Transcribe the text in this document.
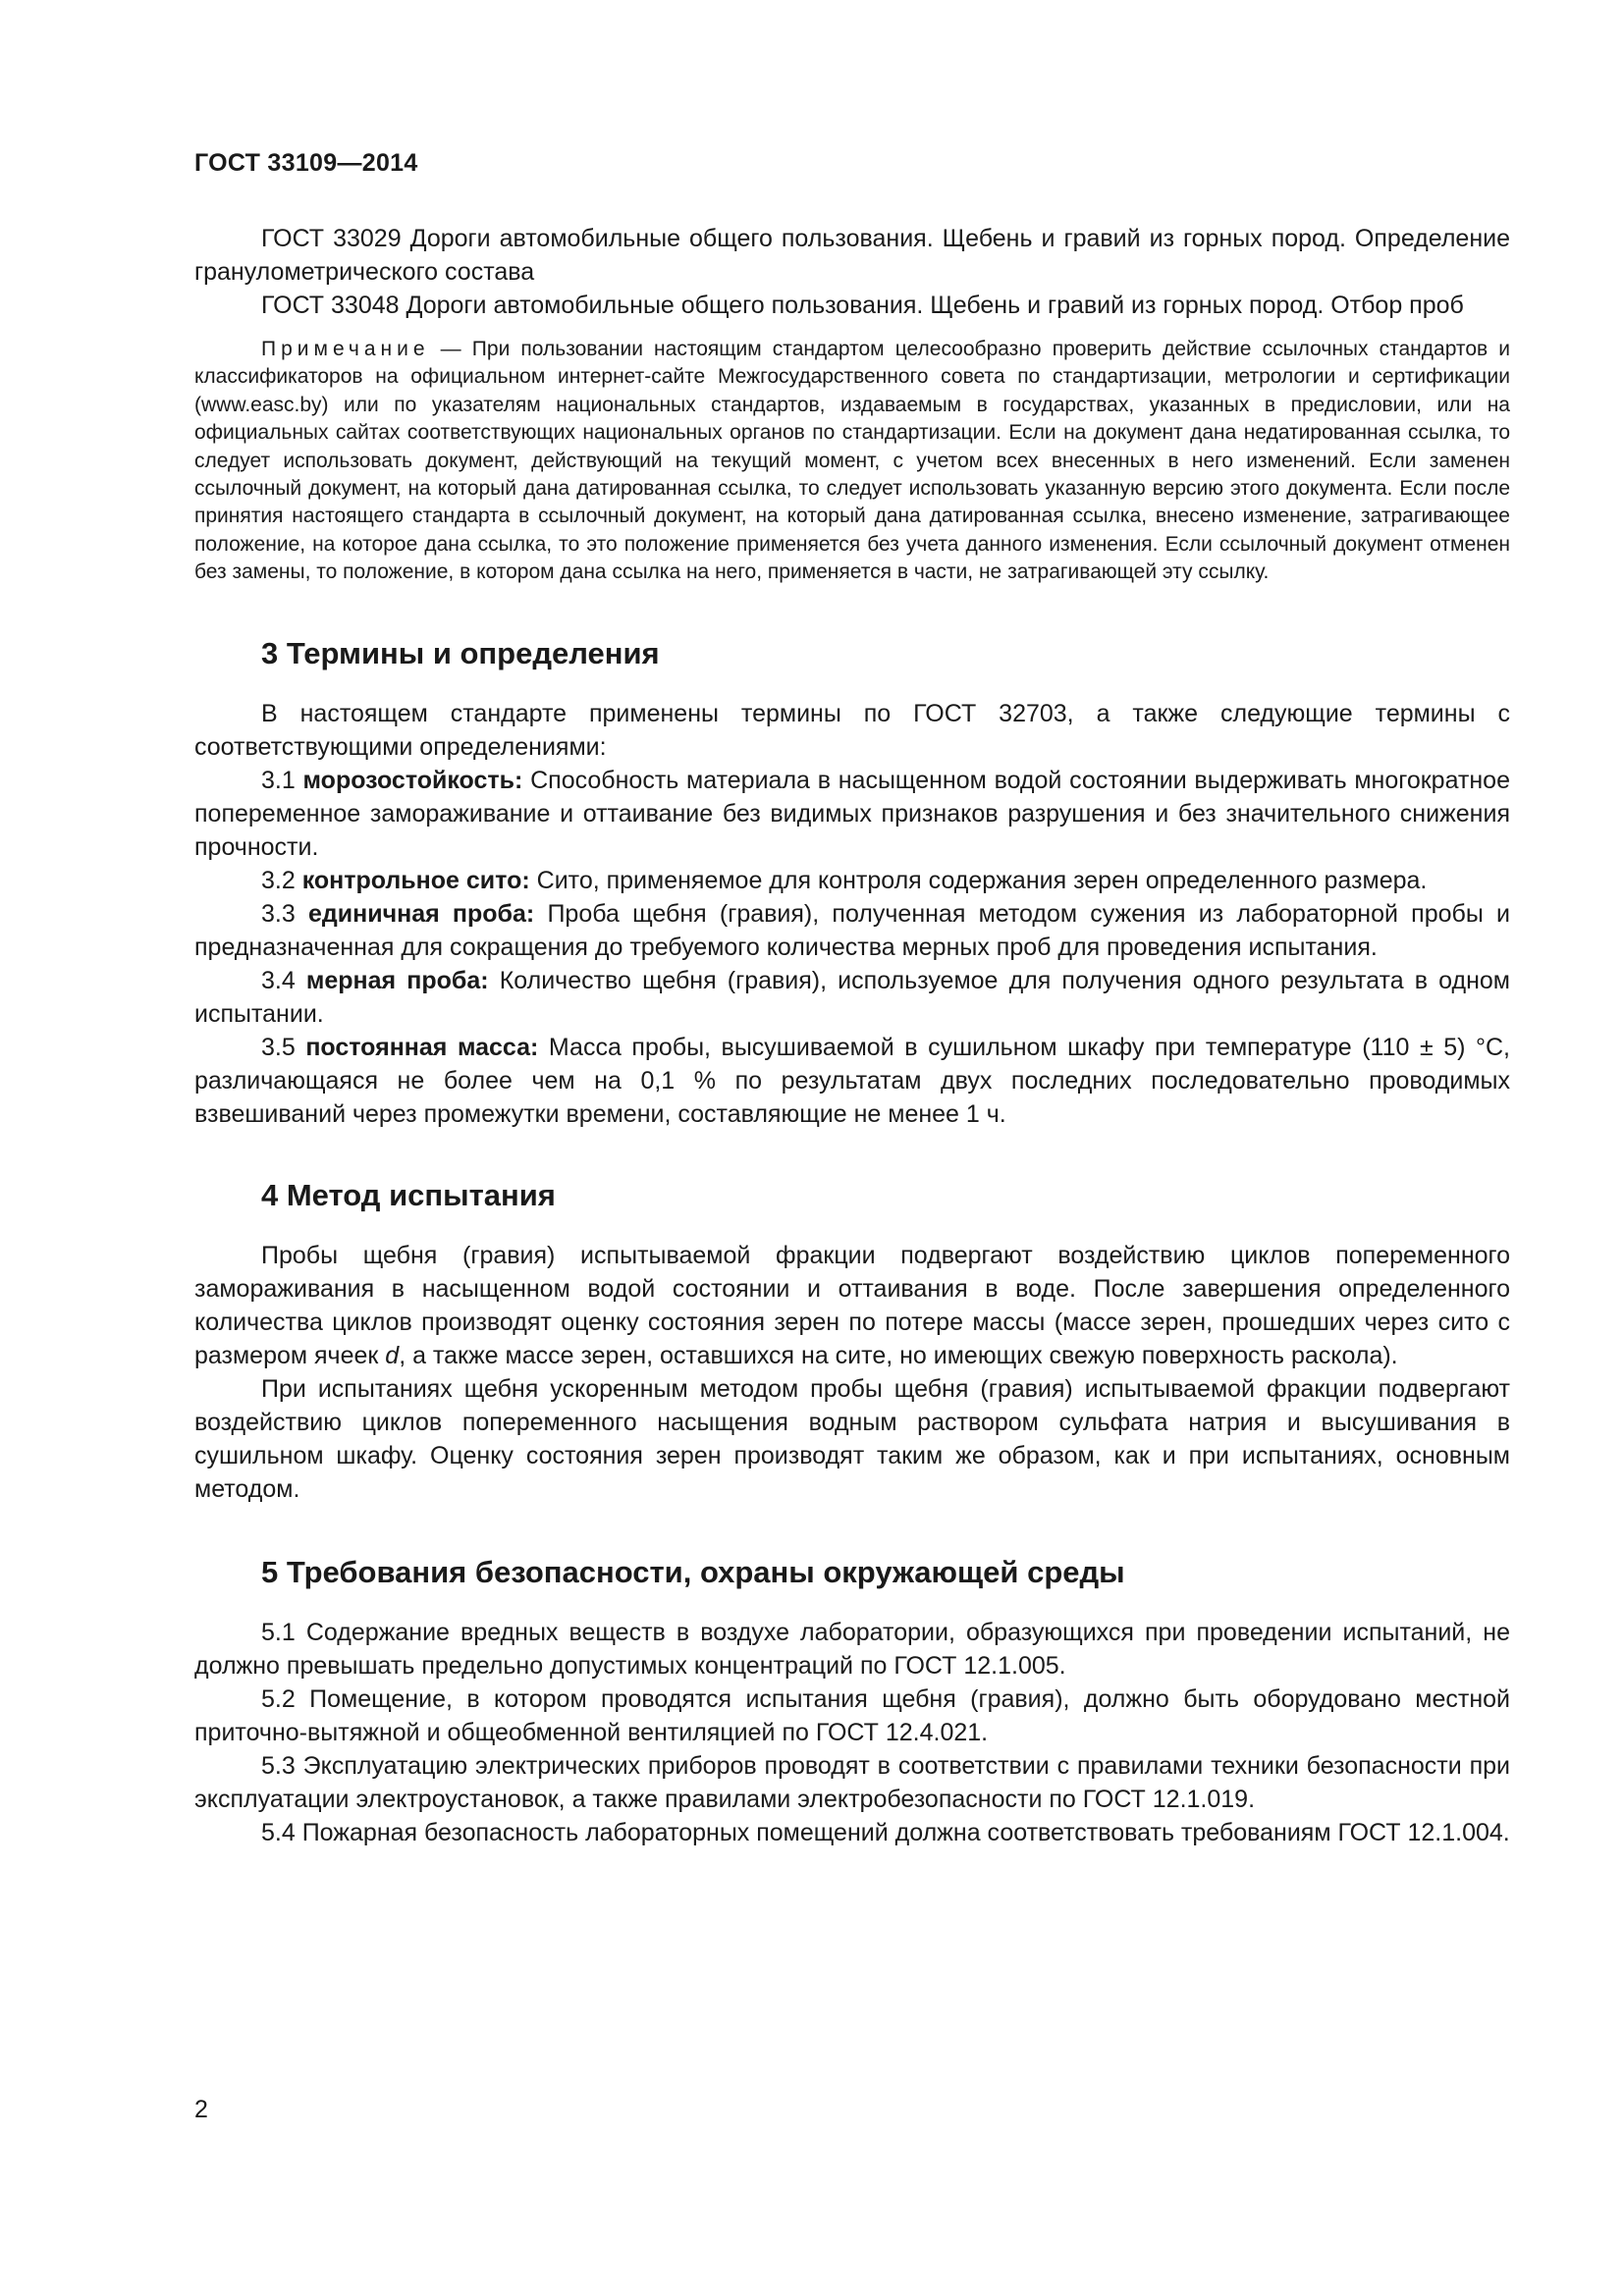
ГОСТ 33109—2014

ГОСТ 33029 Дороги автомобильные общего пользования. Щебень и гравий из горных пород. Определение гранулометрического состава

ГОСТ 33048 Дороги автомобильные общего пользования. Щебень и гравий из горных пород. Отбор проб

Примечание — При пользовании настоящим стандартом целесообразно проверить действие ссылочных стандартов и классификаторов на официальном интернет-сайте Межгосударственного совета по стандартизации, метрологии и сертификации (www.easc.by) или по указателям национальных стандартов, издаваемым в государствах, указанных в предисловии, или на официальных сайтах соответствующих национальных органов по стандартизации. Если на документ дана недатированная ссылка, то следует использовать документ, действующий на текущий момент, с учетом всех внесенных в него изменений. Если заменен ссылочный документ, на который дана датированная ссылка, то следует использовать указанную версию этого документа. Если после принятия настоящего стандарта в ссылочный документ, на который дана датированная ссылка, внесено изменение, затрагивающее положение, на которое дана ссылка, то это положение применяется без учета данного изменения. Если ссылочный документ отменен без замены, то положение, в котором дана ссылка на него, применяется в части, не затрагивающей эту ссылку.

3 Термины и определения

В настоящем стандарте применены термины по ГОСТ 32703, а также следующие термины с соответствующими определениями:

3.1 морозостойкость: Способность материала в насыщенном водой состоянии выдерживать многократное попеременное замораживание и оттаивание без видимых признаков разрушения и без значительного снижения прочности.

3.2 контрольное сито: Сито, применяемое для контроля содержания зерен определенного размера.

3.3 единичная проба: Проба щебня (гравия), полученная методом сужения из лабораторной пробы и предназначенная для сокращения до требуемого количества мерных проб для проведения испытания.

3.4 мерная проба: Количество щебня (гравия), используемое для получения одного результата в одном испытании.

3.5 постоянная масса: Масса пробы, высушиваемой в сушильном шкафу при температуре (110 ± 5) °С, различающаяся не более чем на 0,1 % по результатам двух последних последовательно проводимых взвешиваний через промежутки времени, составляющие не менее 1 ч.

4 Метод испытания

Пробы щебня (гравия) испытываемой фракции подвергают воздействию циклов попеременного замораживания в насыщенном водой состоянии и оттаивания в воде. После завершения определенного количества циклов производят оценку состояния зерен по потере массы (массе зерен, прошедших через сито с размером ячеек d, а также массе зерен, оставшихся на сите, но имеющих свежую поверхность раскола).

При испытаниях щебня ускоренным методом пробы щебня (гравия) испытываемой фракции подвергают воздействию циклов попеременного насыщения водным раствором сульфата натрия и высушивания в сушильном шкафу. Оценку состояния зерен производят таким же образом, как и при испытаниях, основным методом.

5 Требования безопасности, охраны окружающей среды

5.1 Содержание вредных веществ в воздухе лаборатории, образующихся при проведении испытаний, не должно превышать предельно допустимых концентраций по ГОСТ 12.1.005.

5.2 Помещение, в котором проводятся испытания щебня (гравия), должно быть оборудовано местной приточно-вытяжной и общеобменной вентиляцией по ГОСТ 12.4.021.

5.3 Эксплуатацию электрических приборов проводят в соответствии с правилами техники безопасности при эксплуатации электроустановок, а также правилами электробезопасности по ГОСТ 12.1.019.

5.4 Пожарная безопасность лабораторных помещений должна соответствовать требованиям ГОСТ 12.1.004.

2
